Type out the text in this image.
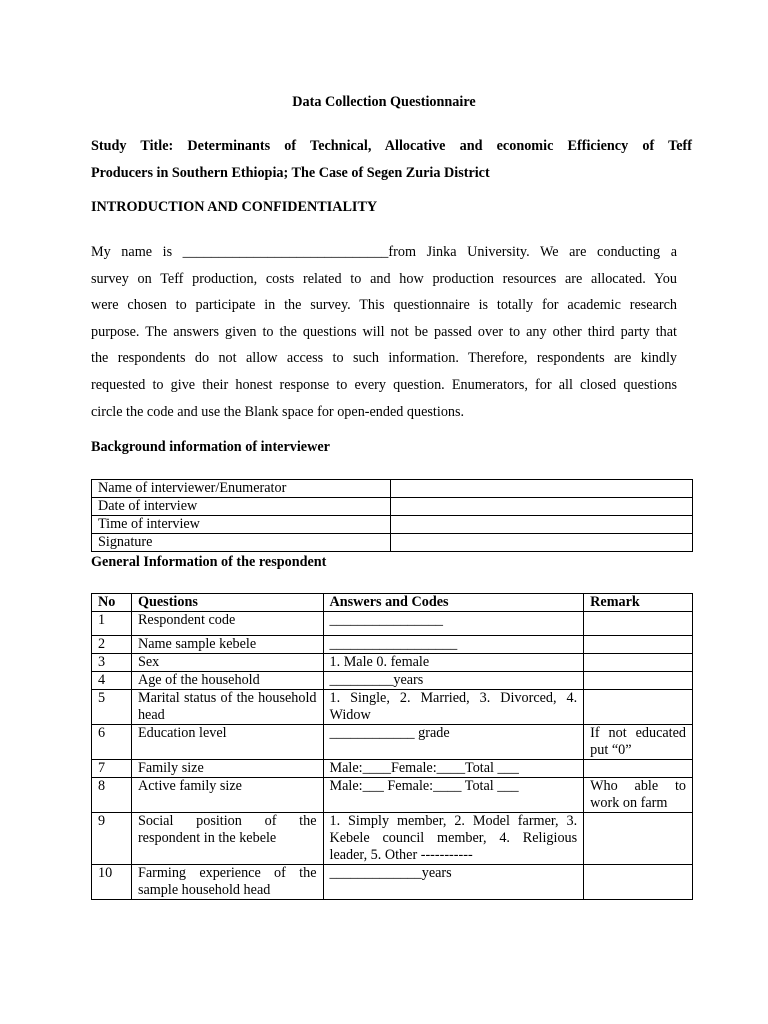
Data Collection Questionnaire
Study Title: Determinants of Technical, Allocative and economic Efficiency of Teff
Producers in Southern Ethiopia; The Case of Segen Zuria District
INTRODUCTION AND CONFIDENTIALITY
My name is _____________________________from Jinka University. We are conducting a
survey on Teff production, costs related to and how production resources are allocated. You
were chosen to participate in the survey. This questionnaire is totally for academic research
purpose. The answers given to the questions will not be passed over to any other third party that
the respondents do not allow access to such information. Therefore, respondents are kindly
requested to give their honest response to every question. Enumerators, for all closed questions
circle the code and use the Blank space for open-ended questions.
Background information of interviewer
Name of interviewer/Enumerator	
Date of interview	
Time of interview	
Signature	
General Information of the respondent
No	Questions	Answers and Codes	Remark
1	Respondent code	________________	
2	Name sample kebele	__________________	
3	Sex	1. Male 0. female	
4	Age of the household	_________years	
5	Marital status of the household head	1. Single, 2. Married, 3. Divorced, 4. Widow	
6	Education level	____________ grade	If not educated put “0”
7	Family size	Male:____Female:____Total ___	
8	Active family size	Male:___ Female:____ Total ___	Who able to work on farm
9	Social position of the respondent in the kebele	1. Simply member, 2. Model farmer, 3. Kebele council member, 4. Religious leader, 5. Other -----------	
10	Farming experience of the sample household head	_____________years	
